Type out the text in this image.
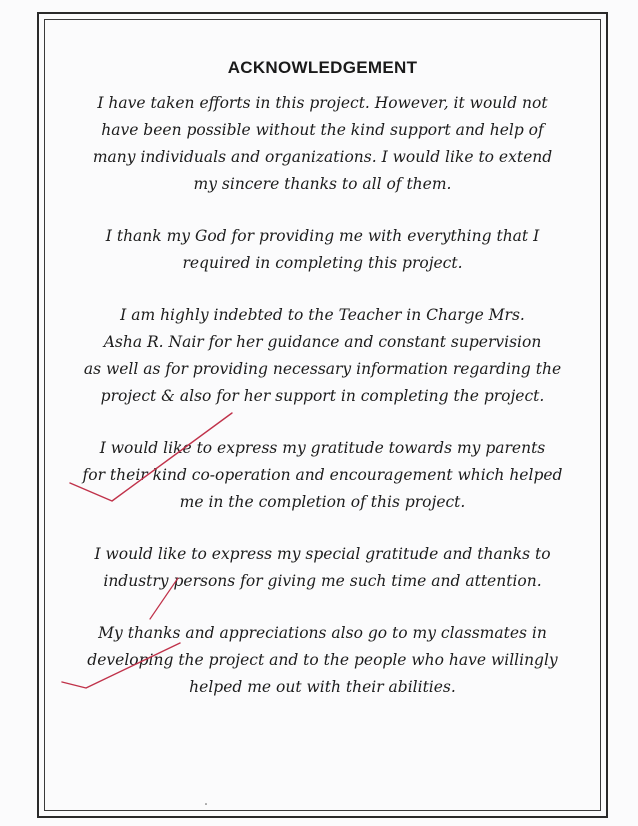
ACKNOWLEDGEMENT
I have taken efforts in this project. However, it would not
have been possible without the kind support and help of
many individuals and organizations. I would like to extend
my sincere thanks to all of them.
I thank my God for providing me with everything that I
required in completing this project.
I am highly indebted to the Teacher in Charge Mrs.
Asha R. Nair for her guidance and constant supervision
as well as for providing necessary information regarding the
project & also for her support in completing the project.
I would like to express my gratitude towards my parents
for their kind co-operation and encouragement which helped
me in the completion of this project.
I would like to express my special gratitude and thanks to
industry persons for giving me such time and attention.
My thanks and appreciations also go to my classmates in
developing the project and to the people who have willingly
helped me out with their abilities.
